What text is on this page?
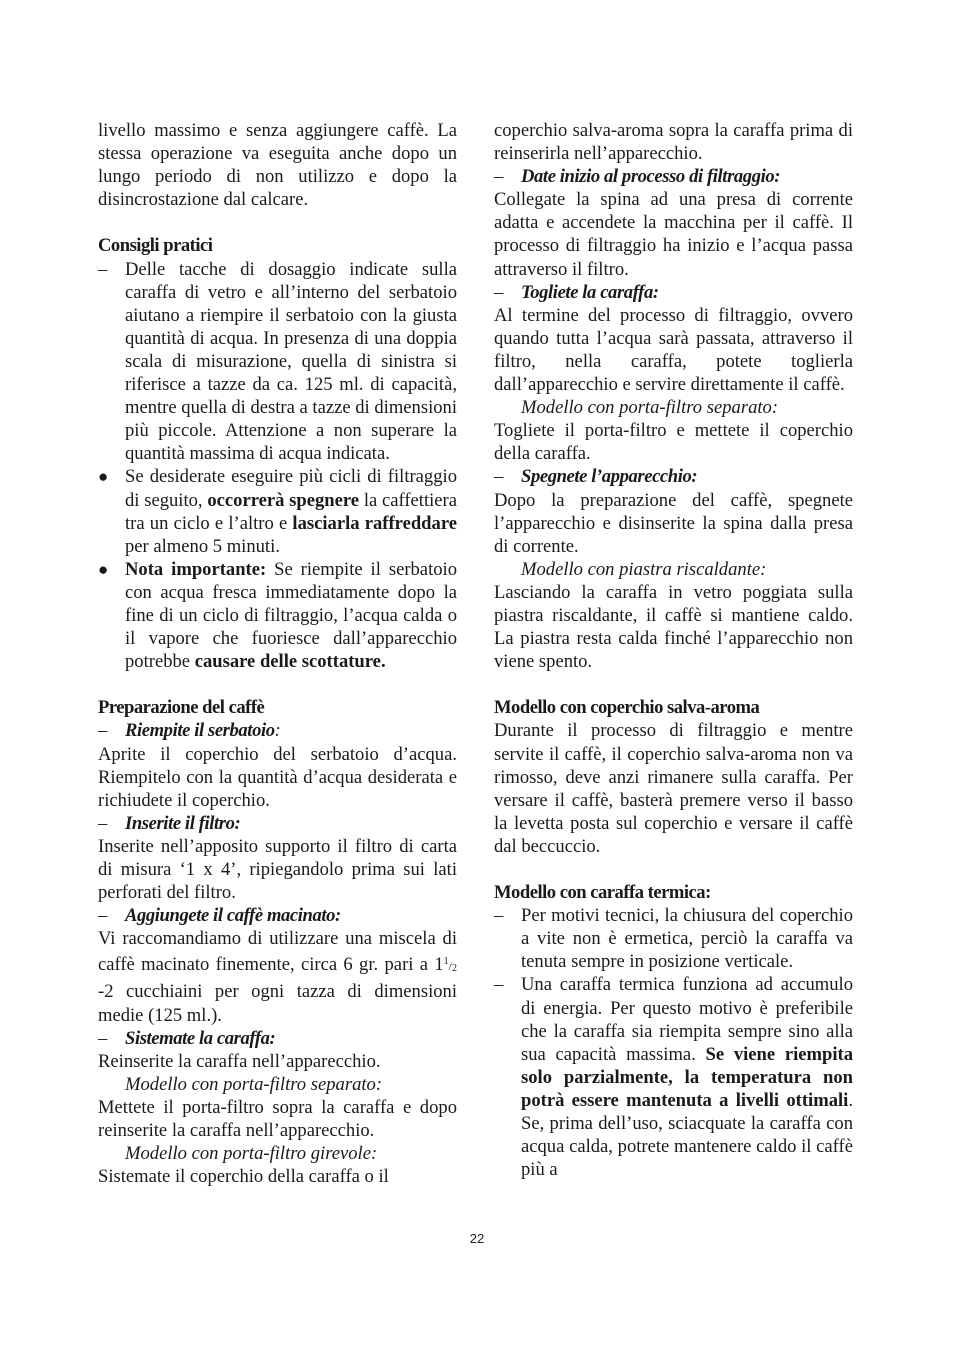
livello massimo e senza aggiungere caffè. La stessa operazione va eseguita anche dopo un lungo periodo di non utilizzo e dopo la disincrostazione dal calcare.

Consigli pratici

– Delle tacche di dosaggio indicate sulla caraffa di vetro e all’interno del serbatoio aiutano a riempire il serbatoio con la giusta quantità di acqua. In presenza di una doppia scala di misurazione, quella di sinistra si riferisce a tazze da ca. 125 ml. di capacità, mentre quella di destra a tazze di dimensioni più piccole. Attenzione a non superare la quantità massima di acqua indicata.
● Se desiderate eseguire più cicli di filtraggio di seguito, occorrerà spegnere la caffettiera tra un ciclo e l’altro e lasciarla raffreddare per almeno 5 minuti.
● Nota importante: Se riempite il serbatoio con acqua fresca immediatamente dopo la fine di un ciclo di filtraggio, l’acqua calda o il vapore che fuoriesce dall’apparecchio potrebbe causare delle scottature.

Preparazione del caffè

– Riempite il serbatoio:

Aprite il coperchio del serbatoio d’acqua. Riempitelo con la quantità d’acqua desiderata e richiudete il coperchio.

– Inserite il filtro:

Inserite nell’apposito supporto il filtro di carta di misura ‘1 x 4’, ripiegandolo prima sui lati perforati del filtro.

– Aggiungete il caffè macinato:

Vi raccomandiamo di utilizzare una miscela di caffè macinato finemente, circa 6 gr. pari a $1^1/2$ -2 cucchiaini per ogni tazza di dimensioni medie (125 ml.).

– Sistemate la caraffa:

Reinserite la caraffa nell’apparecchio.

Modello con porta-filtro separato:

Mettete il porta-filtro sopra la caraffa e dopo reinserite la caraffa nell’apparecchio.

Modello con porta-filtro girevole:

Sistemate il coperchio della caraffa o il

coperchio salva-aroma sopra la caraffa prima di reinserirla nell’apparecchio.

– Date inizio al processo di filtraggio:

Collegate la spina ad una presa di corrente adatta e accendete la macchina per il caffè. Il processo di filtraggio ha inizio e l’acqua passa attraverso il filtro.

– Togliete la caraffa:

Al termine del processo di filtraggio, ovvero quando tutta l’acqua sarà passata, attraverso il filtro, nella caraffa, potete toglierla dall’apparecchio e servire direttamente il caffè.

Modello con porta-filtro separato:

Togliete il porta-filtro e mettete il coperchio della caraffa.

– Spegnete l’apparecchio:

Dopo la preparazione del caffè, spegnete l’apparecchio e disinserite la spina dalla presa di corrente.

Modello con piastra riscaldante:

Lasciando la caraffa in vetro poggiata sulla piastra riscaldante, il caffè si mantiene caldo. La piastra resta calda finché l’apparecchio non viene spento.

Modello con coperchio salva-aroma

Durante il processo di filtraggio e mentre servite il caffè, il coperchio salva-aroma non va rimosso, deve anzi rimanere sulla caraffa. Per versare il caffè, basterà premere verso il basso la levetta posta sul coperchio e versare il caffè dal beccuccio.

Modello con caraffa termica:

– Per motivi tecnici, la chiusura del coperchio a vite non è ermetica, perciò la caraffa va tenuta sempre in posizione verticale.
– Una caraffa termica funziona ad accumulo di energia. Per questo motivo è preferibile che la caraffa sia riempita sempre sino alla sua capacità massima. Se viene riempita solo parzialmente, la temperatura non potrà essere mantenuta a livelli ottimali. Se, prima dell’uso, sciacquate la caraffa con acqua calda, potrete mantenere caldo il caffè più a
22
